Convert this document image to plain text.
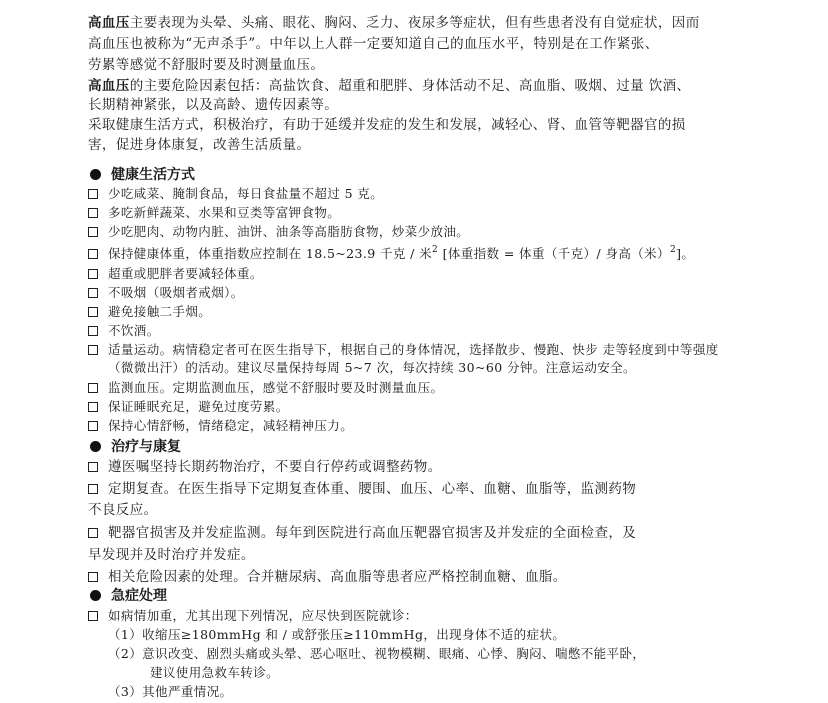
高血压主要表现为头晕、头痛、眼花、胸闷、乏力、夜尿多等症状，但有些患者没有自觉症状，因而
高血压也被称为“无声杀手”。中年以上人群一定要知道自己的血压水平，特别是在工作紧张、
劳累等感觉不舒服时要及时测量血压。
高血压的主要危险因素包括：高盐饮食、超重和肥胖、身体活动不足、高血脂、吸烟、过量 饮酒、
长期精神紧张，以及高龄、遗传因素等。
采取健康生活方式，积极治疗，有助于延缓并发症的发生和发展，减轻心、肾、血管等靶器官的损
害，促进身体康复，改善生活质量。
健康生活方式
少吃咸菜、腌制食品，每日食盐量不超过 5 克。
多吃新鲜蔬菜、水果和豆类等富钾食物。
少吃肥肉、动物内脏、油饼、油条等高脂肪食物，炒菜少放油。
保持健康体重，体重指数应控制在 18.5~23.9 千克 / 米$^2$ [体重指数 = 体重（千克）/ 身高（米）$^2$]。
超重或肥胖者要减轻体重。
不吸烟（吸烟者戒烟）。
避免接触二手烟。
不饮酒。
适量运动。病情稳定者可在医生指导下，根据自己的身体情况，选择散步、慢跑、快步 走等轻度到中等强度
（微微出汗）的活动。建议尽量保持每周 5~7 次，每次持续 30~60 分钟。注意运动安全。
监测血压。定期监测血压，感觉不舒服时要及时测量血压。
保证睡眠充足，避免过度劳累。
保持心情舒畅，情绪稳定，减轻精神压力。
治疗与康复
遵医嘱坚持长期药物治疗，不要自行停药或调整药物。
定期复查。在医生指导下定期复查体重、腰围、血压、心率、血糖、血脂等，监测药物
不良反应。
靶器官损害及并发症监测。每年到医院进行高血压靶器官损害及并发症的全面检查，及
早发现并及时治疗并发症。
相关危险因素的处理。合并糖尿病、高血脂等患者应严格控制血糖、血脂。
急症处理
如病情加重，尤其出现下列情况，应尽快到医院就诊：
（1）收缩压≥180mmHg 和 / 或舒张压≥110mmHg，出现身体不适的症状。
（2）意识改变、剧烈头痛或头晕、恶心呕吐、视物模糊、眼痛、心悸、胸闷、喘憋不能平卧，
建议使用急救车转诊。
（3）其他严重情况。
